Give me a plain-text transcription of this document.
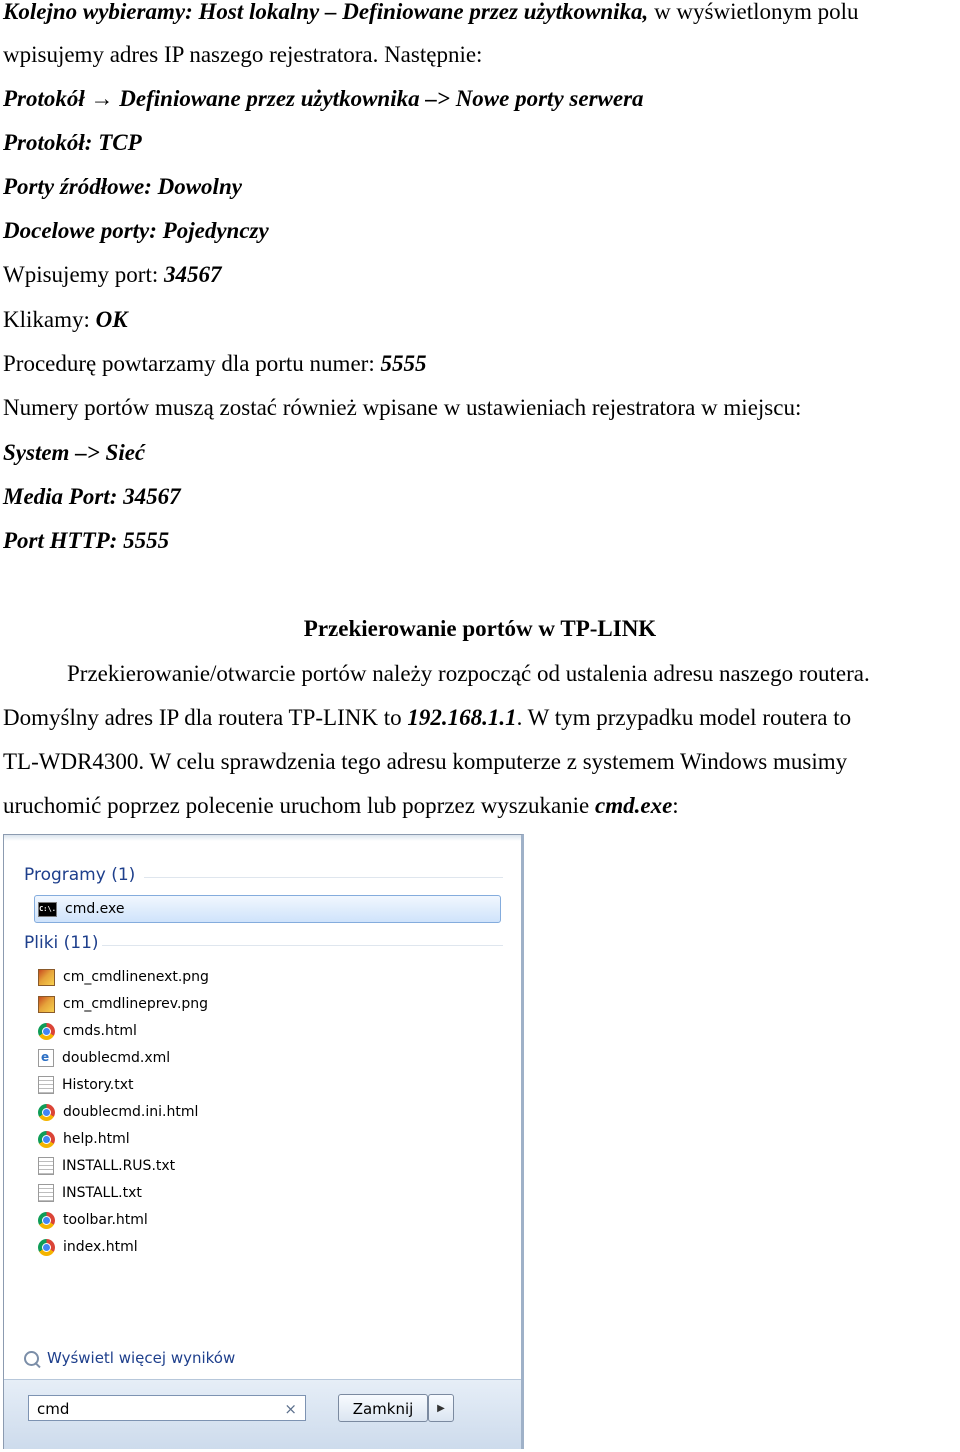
Kolejno wybieramy: Host lokalny – Definiowane przez użytkownika, w wyświetlonym polu
wpisujemy adres IP naszego rejestratora. Następnie:
Protokół → Definiowane przez użytkownika –> Nowe porty serwera
Protokół: TCP
Porty źródłowe: Dowolny
Docelowe porty: Pojedynczy
Wpisujemy port: 34567
Klikamy: OK
Procedurę powtarzamy dla portu numer: 5555
Numery portów muszą zostać również wpisane w ustawieniach rejestratora w miejscu:
System –> Sieć
Media Port: 34567
Port HTTP: 5555
Przekierowanie portów w TP-LINK
Przekierowanie/otwarcie portów należy rozpocząć od ustalenia adresu naszego routera.
Domyślny adres IP dla routera TP-LINK to 192.168.1.1. W tym przypadku model routera to
TL-WDR4300. W celu sprawdzenia tego adresu komputerze z systemem Windows musimy
uruchomić poprzez polecenie uruchom lub poprzez wyszukanie cmd.exe:
Programy (1)
C:\. cmd.exe
Pliki (11)
cm_cmdlinenext.png
cm_cmdlineprev.png
cmds.html
e
doublecmd.xml
History.txt
doublecmd.ini.html
help.html
INSTALL.RUS.txt
INSTALL.txt
toolbar.html
index.html
Wyświetl więcej wyników
cmd	×	Zamknij	▶
